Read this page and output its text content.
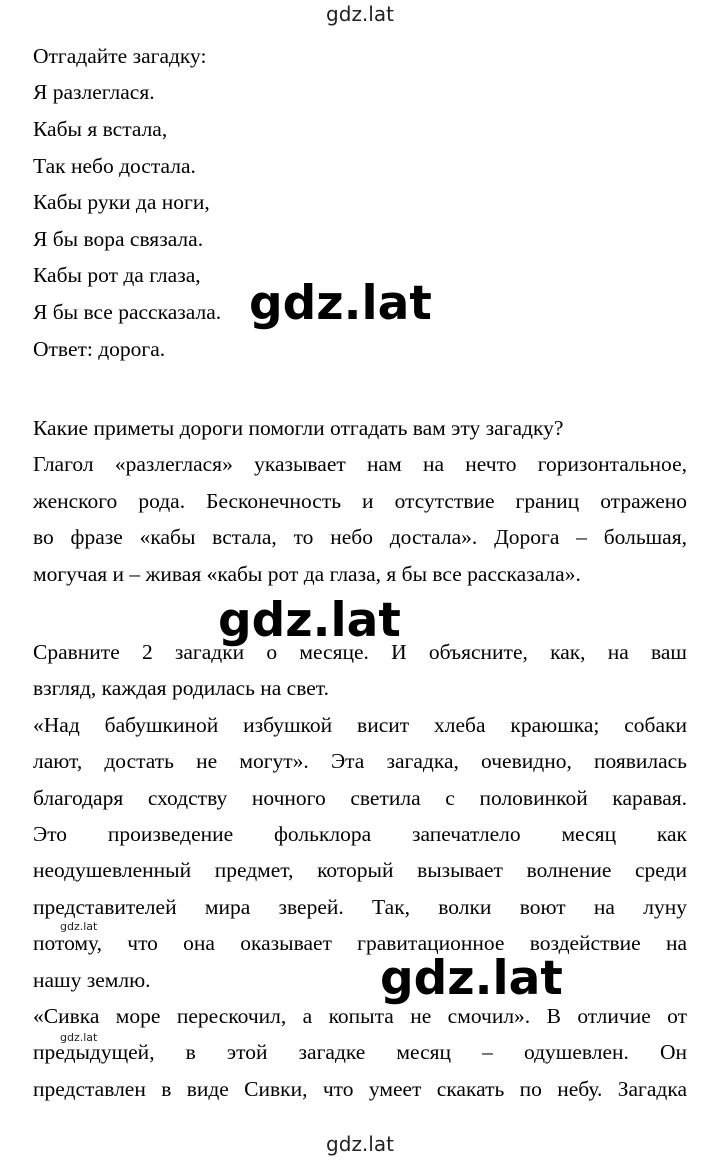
gdz.lat
Отгадайте загадку:
Я разлеглася.
Кабы я встала,
Так небо достала.
Кабы руки да ноги,
Я бы вора связала.
Кабы рот да глаза,
Я бы все рассказала.
Ответ: дорога.
gdz.lat
Какие приметы дороги помогли отгадать вам эту загадку?
Глагол «разлеглася» указывает нам на нечто горизонтальное,
женского рода. Бесконечность и отсутствие границ отражено
во фразе «кабы встала, то небо достала». Дорога – большая,
могучая и – живая «кабы рот да глаза, я бы все рассказала».
gdz.lat
Сравните 2 загадки о месяце. И объясните, как, на ваш
взгляд, каждая родилась на свет.
«Над бабушкиной избушкой висит хлеба краюшка; собаки
лают, достать не могут». Эта загадка, очевидно, появилась
благодаря сходству ночного светила с половинкой каравая.
Это произведение фольклора запечатлело месяц как
неодушевленный предмет, который вызывает волнение среди
представителей мира зверей. Так, волки воют на луну
потому, что она оказывает гравитационное воздействие на
нашу землю.
«Сивка море перескочил, а копыта не смочил». В отличие от
предыдущей, в этой загадке месяц – одушевлен. Он
представлен в виде Сивки, что умеет скакать по небу. Загадка
gdz.lat
gdz.lat
gdz.lat
gdz.lat
